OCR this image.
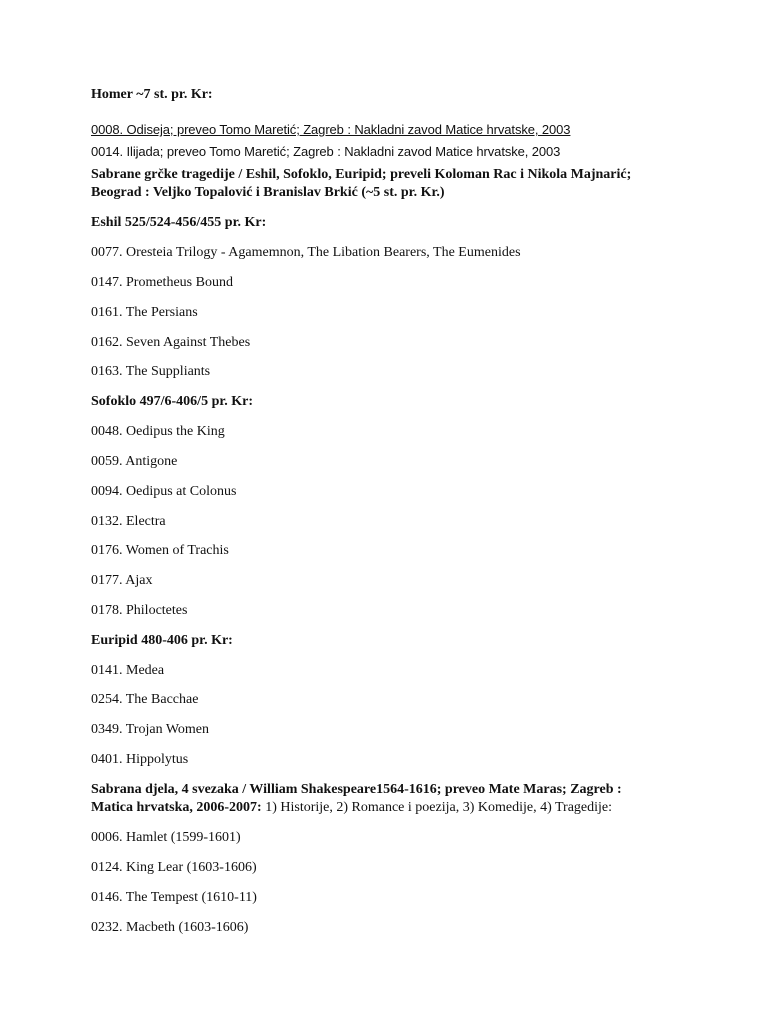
Homer ~7 st. pr. Kr:
0008. Odiseja; preveo Tomo Maretić; Zagreb : Nakladni zavod Matice hrvatske, 2003
0014. Ilijada; preveo Tomo Maretić; Zagreb : Nakladni zavod Matice hrvatske, 2003
Sabrane grčke tragedije / Eshil, Sofoklo, Euripid; preveli Koloman Rac i Nikola Majnarić;
Beograd : Veljko Topalović i Branislav Brkić (~5 st. pr. Kr.)
Eshil 525/524-456/455 pr. Kr:
0077. Oresteia Trilogy - Agamemnon, The Libation Bearers, The Eumenides
0147. Prometheus Bound
0161. The Persians
0162. Seven Against Thebes
0163. The Suppliants
Sofoklo 497/6-406/5 pr. Kr:
0048. Oedipus the King
0059. Antigone
0094. Oedipus at Colonus
0132. Electra
0176. Women of Trachis
0177. Ajax
0178. Philoctetes
Euripid 480-406 pr. Kr:
0141. Medea
0254. The Bacchae
0349. Trojan Women
0401. Hippolytus
Sabrana djela, 4 svezaka / William Shakespeare1564-1616; preveo Mate Maras; Zagreb :
Matica hrvatska, 2006-2007: 1) Historije, 2) Romance i poezija, 3) Komedije, 4) Tragedije:
0006. Hamlet (1599-1601)
0124. King Lear (1603-1606)
0146. The Tempest (1610-11)
0232. Macbeth (1603-1606)
